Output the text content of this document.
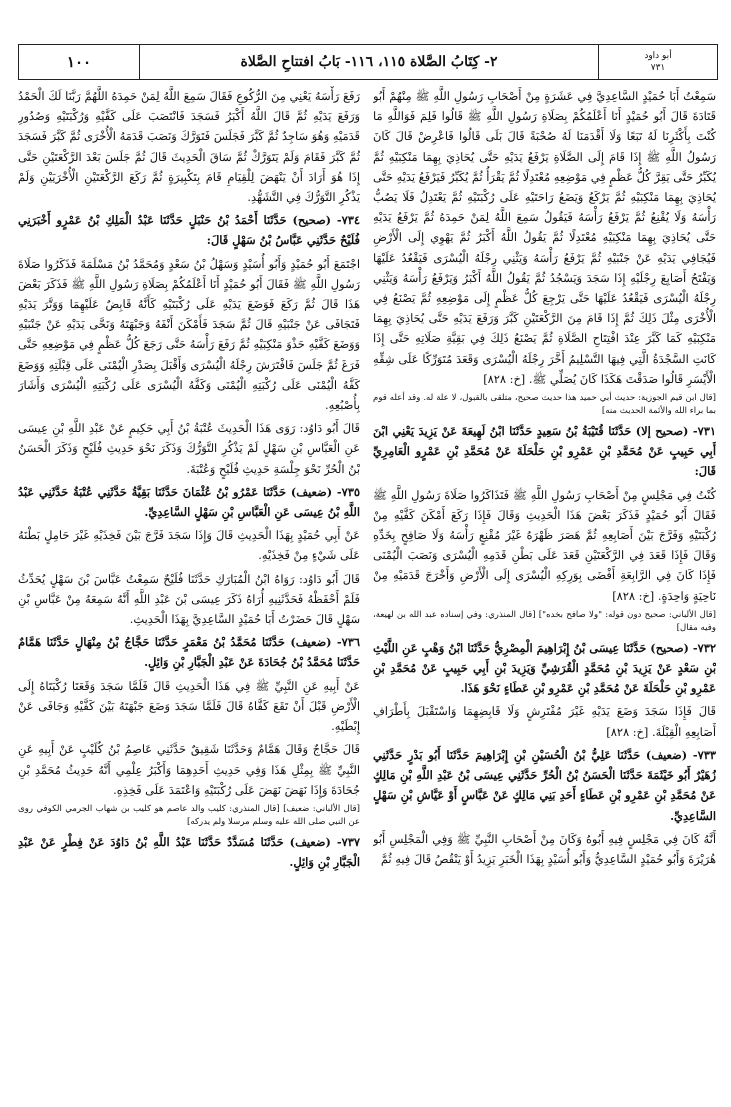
١٠٠	٢- كِتَابُ الصَّلاة ١١٥، ١١٦- بَابُ افتتاحِ الصَّلاة	أبو داود
٧٣١

سَمِعْتُ أَبَا حُمَيْدٍ السَّاعِدِيَّ فِي عَشَرَةٍ مِنْ أَصْحَابِ رَسُولِ اللَّهِ ﷺ مِنْهُمْ أَبُو قَتَادَةَ قَالَ أَبُو حُمَيْدٍ أَنَا أَعْلَمُكُمْ بِصَلَاةِ رَسُولِ اللَّهِ ﷺ قَالُوا فَلِمَ فَوَاللَّهِ مَا كُنْتَ بِأَكْثَرِنَا لَهُ تَبَعًا وَلَا أَقْدَمَنَا لَهُ صُحْبَةً قَالَ بَلَى قَالُوا فَاعْرِضْ قَالَ كَانَ رَسُولُ اللَّهِ ﷺ إِذَا قَامَ إِلَى الصَّلَاةِ يَرْفَعُ يَدَيْهِ حَتَّى يُحَاذِيَ بِهِمَا مَنْكِبَيْهِ ثُمَّ يُكَبِّرُ حَتَّى يَقِرَّ كُلُّ عَظْمٍ فِي مَوْضِعِهِ مُعْتَدِلًا ثُمَّ يَقْرَأُ ثُمَّ يُكَبِّرُ فَيَرْفَعُ يَدَيْهِ حَتَّى يُحَاذِيَ بِهِمَا مَنْكِبَيْهِ ثُمَّ يَرْكَعُ وَيَضَعُ رَاحَتَيْهِ عَلَى رُكْبَتَيْهِ ثُمَّ يَعْتَدِلُ فَلَا يَصُبُّ رَأْسَهُ وَلَا يُقْنِعُ ثُمَّ يَرْفَعُ رَأْسَهُ فَيَقُولُ سَمِعَ اللَّهُ لِمَنْ حَمِدَهُ ثُمَّ يَرْفَعُ يَدَيْهِ حَتَّى يُحَاذِيَ بِهِمَا مَنْكِبَيْهِ مُعْتَدِلًا ثُمَّ يَقُولُ اللَّهُ أَكْبَرُ ثُمَّ يَهْوِي إِلَى الْأَرْضِ فَيُجَافِي يَدَيْهِ عَنْ جَنْبَيْهِ ثُمَّ يَرْفَعُ رَأْسَهُ وَيَثْنِي رِجْلَهُ الْيُسْرَى فَيَقْعُدُ عَلَيْهَا وَيَفْتَحُ أَصَابِعَ رِجْلَيْهِ إِذَا سَجَدَ وَيَسْجُدُ ثُمَّ يَقُولُ اللَّهُ أَكْبَرُ وَيَرْفَعُ رَأْسَهُ وَيَثْنِي رِجْلَهُ الْيُسْرَى فَيَقْعُدُ عَلَيْهَا حَتَّى يَرْجِعَ كُلُّ عَظْمٍ إِلَى مَوْضِعِهِ ثُمَّ يَصْنَعُ فِي الْأُخْرَى مِثْلَ ذَلِكَ ثُمَّ إِذَا قَامَ مِنَ الرَّكْعَتَيْنِ كَبَّرَ وَرَفَعَ يَدَيْهِ حَتَّى يُحَاذِيَ بِهِمَا مَنْكِبَيْهِ كَمَا كَبَّرَ عِنْدَ افْتِتَاحِ الصَّلَاةِ ثُمَّ يَصْنَعُ ذَلِكَ فِي بَقِيَّةِ صَلَاتِهِ حَتَّى إِذَا كَانَتِ السَّجْدَةُ الَّتِي فِيهَا التَّسْلِيمُ أَخَّرَ رِجْلَهُ الْيُسْرَى وَقَعَدَ مُتَوَرِّكًا عَلَى شِقِّهِ الْأَيْسَرِ قَالُوا صَدَقْتَ هَكَذَا كَانَ يُصَلِّي ﷺ. [خ: ٨٢٨]

[قال ابن قيم الجوزية: حديث أبي حميد هذا حديث صحيح، متلقى بالقبول، لا علة له. وقد أعله قوم بما براء الله والأئمة الحديث منه]

٧٣١- (صحيح إلا) حَدَّثَنَا قُتَيْبَةُ بْنُ سَعِيدٍ حَدَّثَنَا ابْنُ لَهِيعَةَ عَنْ يَزِيدَ يَعْنِي ابْنَ أَبِي حَبِيبٍ عَنْ مُحَمَّدِ بْنِ عَمْرِو بْنِ حَلْحَلَةَ عَنْ مُحَمَّدِ بْنِ عَمْرٍو الْعَامِرِيِّ قَالَ:

كُنْتُ فِي مَجْلِسٍ مِنْ أَصْحَابِ رَسُولِ اللَّهِ ﷺ فَتَذَاكَرُوا صَلَاةَ رَسُولِ اللَّهِ ﷺ فَقَالَ أَبُو حُمَيْدٍ فَذَكَرَ بَعْضَ هَذَا الْحَدِيثِ وَقَالَ فَإِذَا رَكَعَ أَمْكَنَ كَفَّيْهِ مِنْ رُكْبَتَيْهِ وَفَرَّجَ بَيْنَ أَصَابِعِهِ ثُمَّ هَصَرَ ظَهْرَهُ غَيْرَ مُقْنِعٍ رَأْسَهُ وَلَا صَافِحٍ بِخَدِّهِ وَقَالَ فَإِذَا قَعَدَ فِي الرَّكْعَتَيْنِ قَعَدَ عَلَى بَطْنِ قَدَمِهِ الْيُسْرَى وَنَصَبَ الْيُمْنَى فَإِذَا كَانَ فِي الرَّابِعَةِ أَفْضَى بِوَرِكِهِ الْيُسْرَى إِلَى الْأَرْضِ وَأَخْرَجَ قَدَمَيْهِ مِنْ نَاحِيَةٍ وَاحِدَةٍ. [خ: ٨٢٨]

[قال الألباني: صحيح دون قوله: "ولا صافح بخده"] [قال المنذري: وفي إسناده عبد الله بن لهيعة، وفيه مقال]

٧٣٢- (صحيح) حَدَّثَنَا عِيسَى بْنُ إِبْرَاهِيمَ الْمِصْرِيُّ حَدَّثَنَا ابْنُ وَهْبٍ عَنِ اللَّيْثِ بْنِ سَعْدٍ عَنْ يَزِيدَ بْنِ مُحَمَّدٍ الْقُرَشِيِّ وَيَزِيدَ بْنِ أَبِي حَبِيبٍ عَنْ مُحَمَّدِ بْنِ عَمْرِو بْنِ حَلْحَلَةَ عَنْ مُحَمَّدِ بْنِ عَمْرِو بْنِ عَطَاءٍ نَحْوَ هَذَا.

قَالَ فَإِذَا سَجَدَ وَضَعَ يَدَيْهِ غَيْرَ مُفْتَرِشٍ وَلَا قَابِضِهِمَا وَاسْتَقْبَلَ بِأَطْرَافِ أَصَابِعِهِ الْقِبْلَةَ. [خ: ٨٢٨]

٧٣٣- (ضعيف) حَدَّثَنَا عَلِيُّ بْنُ الْحُسَيْنِ بْنِ إِبْرَاهِيمَ حَدَّثَنَا أَبُو بَدْرٍ حَدَّثَنِي زُهَيْرٌ أَبُو خَيْثَمَةَ حَدَّثَنَا الْحَسَنُ بْنُ الْحُرِّ حَدَّثَنِي عِيسَى بْنُ عَبْدِ اللَّهِ بْنِ مَالِكٍ عَنْ مُحَمَّدِ بْنِ عَمْرِو بْنِ عَطَاءٍ أَحَدِ بَنِي مَالِكٍ عَنْ عَبَّاسٍ أَوْ عَيَّاشِ بْنِ سَهْلٍ السَّاعِدِيِّ.

أَنَّهُ كَانَ فِي مَجْلِسٍ فِيهِ أَبُوهُ وَكَانَ مِنْ أَصْحَابِ النَّبِيِّ ﷺ وَفِي الْمَجْلِسِ أَبُو هُرَيْرَةَ وَأَبُو حُمَيْدٍ السَّاعِدِيُّ وَأَبُو أُسَيْدٍ بِهَذَا الْخَبَرِ يَزِيدُ أَوْ يَنْقُصُ قَالَ فِيهِ ثُمَّ

رَفَعَ رَأْسَهُ يَعْنِي مِنَ الرُّكُوعِ فَقَالَ سَمِعَ اللَّهُ لِمَنْ حَمِدَهُ اللَّهُمَّ رَبَّنَا لَكَ الْحَمْدُ وَرَفَعَ يَدَيْهِ ثُمَّ قَالَ اللَّهُ أَكْبَرُ فَسَجَدَ فَانْتَصَبَ عَلَى كَفَّيْهِ وَرُكْبَتَيْهِ وَصُدُورِ قَدَمَيْهِ وَهُوَ سَاجِدٌ ثُمَّ كَبَّرَ فَجَلَسَ فَتَوَرَّكَ وَنَصَبَ قَدَمَهُ الْأُخْرَى ثُمَّ كَبَّرَ فَسَجَدَ ثُمَّ كَبَّرَ فَقَامَ وَلَمْ يَتَوَرَّكْ ثُمَّ سَاقَ الْحَدِيثَ قَالَ ثُمَّ جَلَسَ بَعْدَ الرَّكْعَتَيْنِ حَتَّى إِذَا هُوَ أَرَادَ أَنْ يَنْهَضَ لِلْقِيَامِ قَامَ بِتَكْبِيرَةٍ ثُمَّ رَكَعَ الرَّكْعَتَيْنِ الْأُخْرَيَيْنِ وَلَمْ يَذْكُرِ التَّوَرُّكَ فِي التَّشَهُّدِ.

٧٣٤- (صحيح) حَدَّثَنَا أَحْمَدُ بْنُ حَنْبَلٍ حَدَّثَنَا عَبْدُ الْمَلِكِ بْنُ عَمْرٍو أَخْبَرَنِي فُلَيْحٌ حَدَّثَنِي عَبَّاسُ بْنُ سَهْلٍ قَالَ:

اجْتَمَعَ أَبُو حُمَيْدٍ وَأَبُو أُسَيْدٍ وَسَهْلُ بْنُ سَعْدٍ وَمُحَمَّدُ بْنُ مَسْلَمَةَ فَذَكَرُوا صَلَاةَ رَسُولِ اللَّهِ ﷺ فَقَالَ أَبُو حُمَيْدٍ أَنَا أَعْلَمُكُمْ بِصَلَاةِ رَسُولِ اللَّهِ ﷺ فَذَكَرَ بَعْضَ هَذَا قَالَ ثُمَّ رَكَعَ فَوَضَعَ يَدَيْهِ عَلَى رُكْبَتَيْهِ كَأَنَّهُ قَابِضٌ عَلَيْهِمَا وَوَتَّرَ يَدَيْهِ فَتَجَافَى عَنْ جَنْبَيْهِ قَالَ ثُمَّ سَجَدَ فَأَمْكَنَ أَنْفَهُ وَجَبْهَتَهُ وَنَحَّى يَدَيْهِ عَنْ جَنْبَيْهِ وَوَضَعَ كَفَّيْهِ حَذْوَ مَنْكِبَيْهِ ثُمَّ رَفَعَ رَأْسَهُ حَتَّى رَجَعَ كُلُّ عَظْمٍ فِي مَوْضِعِهِ حَتَّى فَرَغَ ثُمَّ جَلَسَ فَافْتَرَشَ رِجْلَهُ الْيُسْرَى وَأَقْبَلَ بِصَدْرِ الْيُمْنَى عَلَى قِبْلَتِهِ وَوَضَعَ كَفَّهُ الْيُمْنَى عَلَى رُكْبَتِهِ الْيُمْنَى وَكَفَّهُ الْيُسْرَى عَلَى رُكْبَتِهِ الْيُسْرَى وَأَشَارَ بِأُصْبُعِهِ.

قَالَ أَبُو دَاوُد: رَوَى هَذَا الْحَدِيثَ عُتْبَةُ بْنُ أَبِي حَكِيمٍ عَنْ عَبْدِ اللَّهِ بْنِ عِيسَى عَنِ الْعَبَّاسِ بْنِ سَهْلٍ لَمْ يَذْكُرِ التَّوَرُّكَ وَذَكَرَ نَحْوَ حَدِيثِ فُلَيْحٍ وَذَكَرَ الْحَسَنُ بْنُ الْحُرِّ نَحْوَ جِلْسَةِ حَدِيثِ فُلَيْحٍ وَعُتْبَةَ.

٧٣٥- (ضعيف) حَدَّثَنَا عَمْرُو بْنُ عُثْمَانَ حَدَّثَنَا بَقِيَّةُ حَدَّثَنِي عُتْبَةُ حَدَّثَنِي عَبْدُ اللَّهِ بْنُ عِيسَى عَنِ الْعَبَّاسِ بْنِ سَهْلٍ السَّاعِدِيِّ.

عَنْ أَبِي حُمَيْدٍ بِهَذَا الْحَدِيثِ قَالَ وَإِذَا سَجَدَ فَرَّجَ بَيْنَ فَخِذَيْهِ غَيْرَ حَامِلٍ بَطْنَهُ عَلَى شَيْءٍ مِنْ فَخِذَيْهِ.

قَالَ أَبُو دَاوُد: رَوَاهُ ابْنُ الْمُبَارَكِ حَدَّثَنَا فُلَيْحٌ سَمِعْتُ عَبَّاسَ بْنَ سَهْلٍ يُحَدِّثُ فَلَمْ أَحْفَظْهُ فَحَدَّثَنِيهِ أُرَاهُ ذَكَرَ عِيسَى بْنَ عَبْدِ اللَّهِ أَنَّهُ سَمِعَهُ مِنْ عَبَّاسِ بْنِ سَهْلٍ قَالَ حَضَرْتُ أَبَا حُمَيْدٍ السَّاعِدِيَّ بِهَذَا الْحَدِيثِ.

٧٣٦- (ضعيف) حَدَّثَنَا مُحَمَّدُ بْنُ مَعْمَرٍ حَدَّثَنَا حَجَّاجُ بْنُ مِنْهَالٍ حَدَّثَنَا هَمَّامٌ حَدَّثَنَا مُحَمَّدُ بْنُ جُحَادَةَ عَنْ عَبْدِ الْجَبَّارِ بْنِ وَائِلٍ.

عَنْ أَبِيهِ عَنِ النَّبِيِّ ﷺ فِي هَذَا الْحَدِيثِ قَالَ فَلَمَّا سَجَدَ وَقَعَتَا رُكْبَتَاهُ إِلَى الْأَرْضِ قَبْلَ أَنْ تَقَعَ كَفَّاهُ قَالَ فَلَمَّا سَجَدَ وَضَعَ جَبْهَتَهُ بَيْنَ كَفَّيْهِ وَجَافَى عَنْ إِبْطَيْهِ.

قَالَ حَجَّاجٌ وَقَالَ هَمَّامٌ وَحَدَّثَنَا شَقِيقٌ حَدَّثَنِي عَاصِمُ بْنُ كُلَيْبٍ عَنْ أَبِيهِ عَنِ النَّبِيِّ ﷺ بِمِثْلِ هَذَا وَفِي حَدِيثِ أَحَدِهِمَا وَأَكْبَرُ عِلْمِي أَنَّهُ حَدِيثُ مُحَمَّدِ بْنِ جُحَادَةَ وَإِذَا نَهَضَ نَهَضَ عَلَى رُكْبَتَيْهِ وَاعْتَمَدَ عَلَى فَخِذِهِ.

[قال الألباني: ضعيف] [قال المنذري: كليب والد عاصم هو كليب بن شهاب الجرمي الكوفي روى عن النبي صلى الله عليه وسلم مرسلا ولم يدركه]

٧٣٧- (ضعيف) حَدَّثَنَا مُسَدَّدٌ حَدَّثَنَا عَبْدُ اللَّهِ بْنُ دَاوُدَ عَنْ فِطْرٍ عَنْ عَبْدِ الْجَبَّارِ بْنِ وَائِلٍ.
